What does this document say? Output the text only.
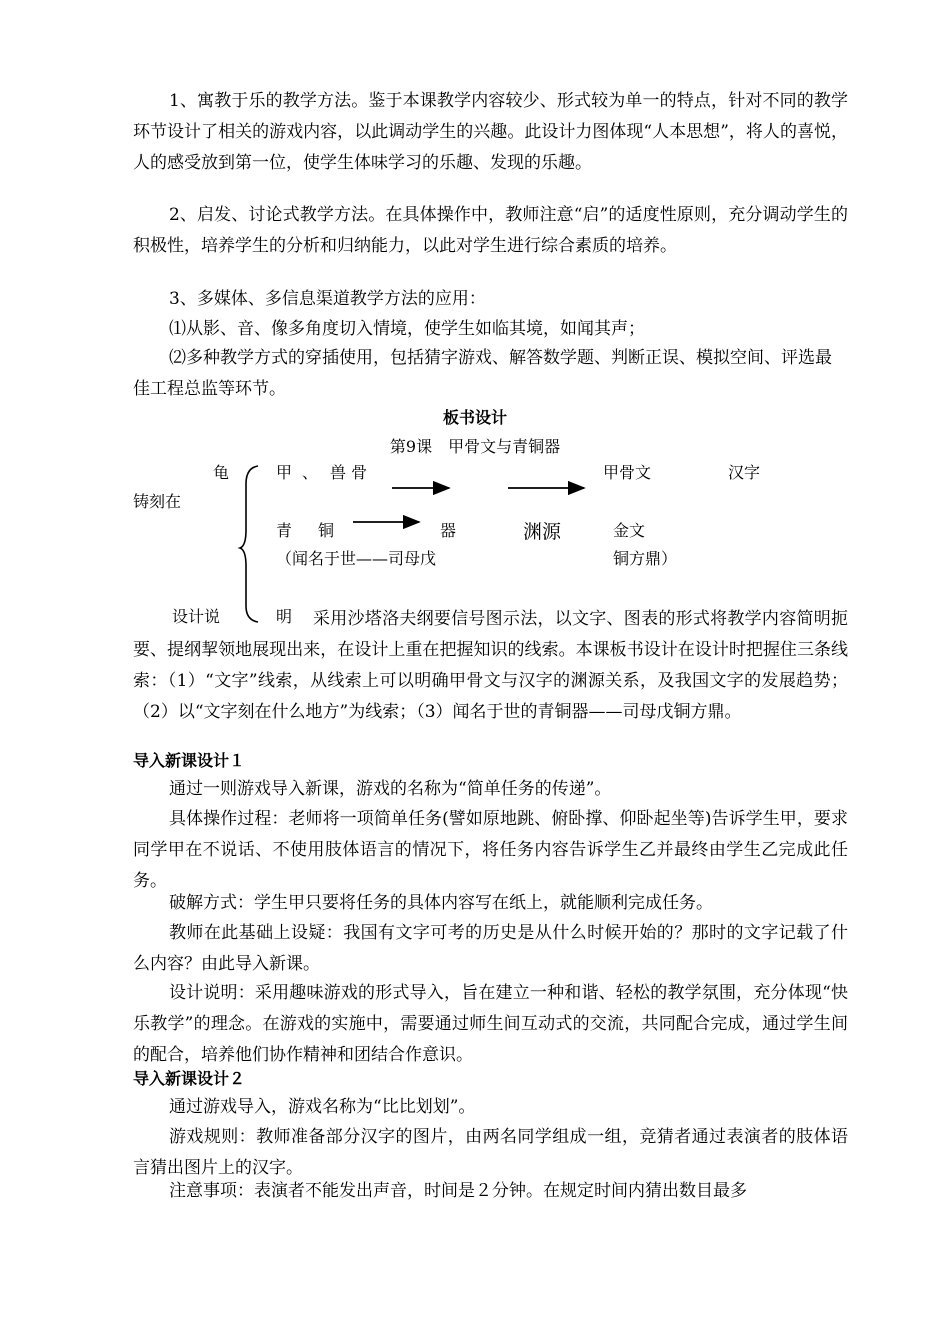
1、寓教于乐的教学方法。鉴于本课教学内容较少、形式较为单一的特点，针对不同的教学环节设计了相关的游戏内容，以此调动学生的兴趣。此设计力图体现“人本思想”，将人的喜悦，人的感受放到第一位，使学生体味学习的乐趣、发现的乐趣。

2、启发、讨论式教学方法。在具体操作中，教师注意“启”的适度性原则，充分调动学生的积极性，培养学生的分析和归纳能力，以此对学生进行综合素质的培养。

3、多媒体、多信息渠道教学方法的应用：

⑴从影、音、像多角度切入情境，使学生如临其境，如闻其声；

⑵多种教学方式的穿插使用，包括猜字游戏、解答数学题、判断正误、模拟空间、评选最佳工程总监等环节。

板书设计

第9课　甲骨文与青铜器

龟
铸刻在
甲 、 兽 骨	甲骨文	汉字
青 铜	器	渊源	金文
（闻名于世——司母戊	铜方鼎）
设计说	明	采用沙塔洛夫纲要信号图示法，以文字、图表的形式将教学内容简明扼要、提纲挈领地展现出来，在设计上重在把握知识的线索。本课板书设计在设计时把握住三条线索：（1）“文字”线索，从线索上可以明确甲骨文与汉字的渊源关系，及我国文字的发展趋势；（2）以“文字刻在什么地方”为线索；（3）闻名于世的青铜器——司母戊铜方鼎。

导入新课设计１

通过一则游戏导入新课，游戏的名称为“简单任务的传递”。

具体操作过程：老师将一项简单任务(譬如原地跳、俯卧撑、仰卧起坐等)告诉学生甲，要求同学甲在不说话、不使用肢体语言的情况下，将任务内容告诉学生乙并最终由学生乙完成此任务。

破解方式：学生甲只要将任务的具体内容写在纸上，就能顺利完成任务。

教师在此基础上设疑：我国有文字可考的历史是从什么时候开始的？那时的文字记载了什么内容？由此导入新课。

设计说明：采用趣味游戏的形式导入，旨在建立一种和谐、轻松的教学氛围，充分体现“快乐教学”的理念。在游戏的实施中，需要通过师生间互动式的交流，共同配合完成，通过学生间的配合，培养他们协作精神和团结合作意识。

导入新课设计２

通过游戏导入，游戏名称为“比比划划”。

游戏规则：教师准备部分汉字的图片，由两名同学组成一组，竞猜者通过表演者的肢体语言猜出图片上的汉字。

注意事项：表演者不能发出声音，时间是２分钟。在规定时间内猜出数目最多
